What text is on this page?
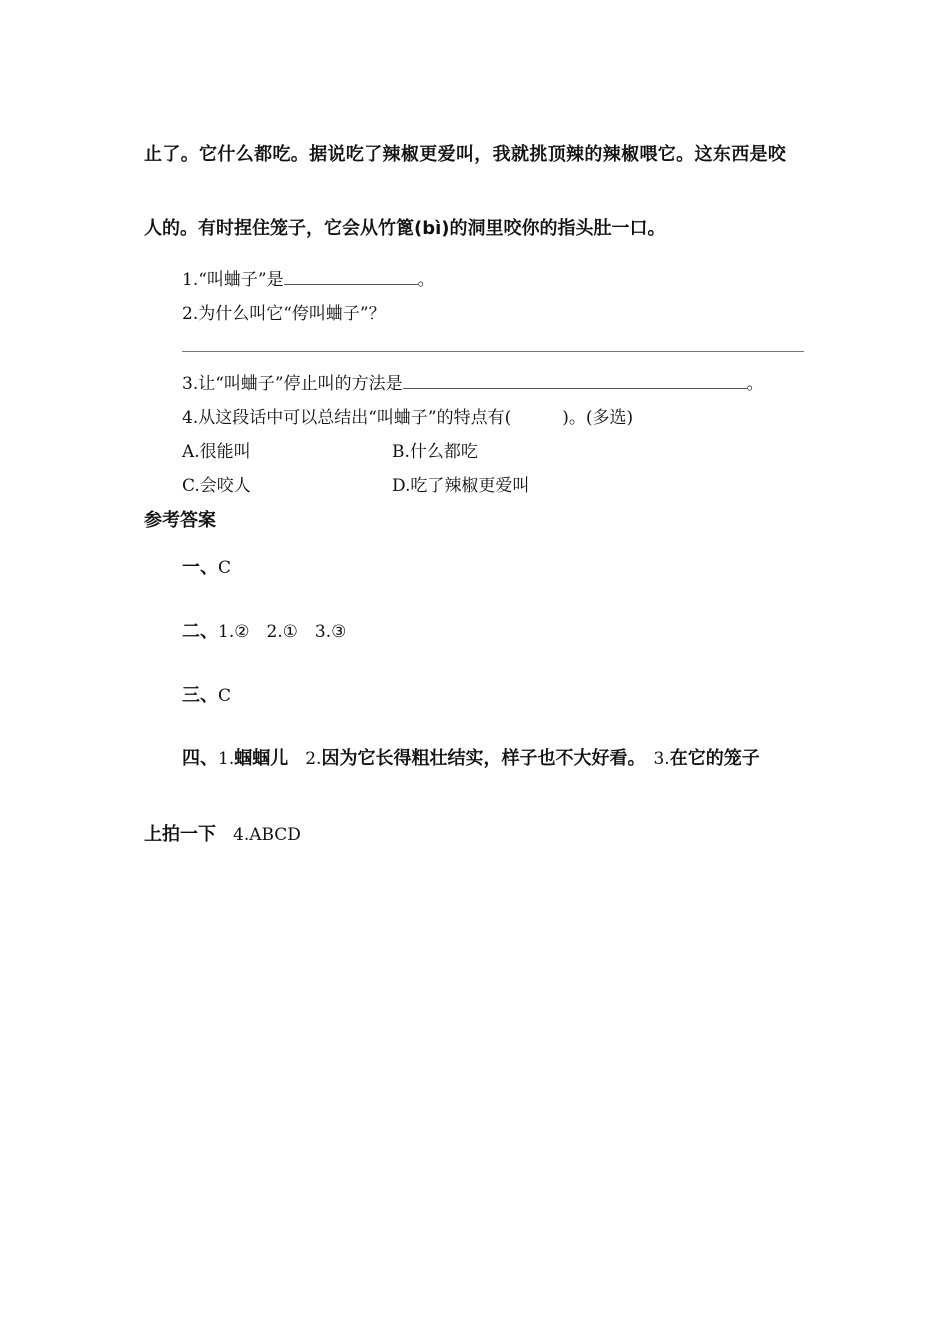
止了。它什么都吃。据说吃了辣椒更爱叫，我就挑顶辣的辣椒喂它。这东西是咬
人的。有时捏住笼子，它会从竹篦(bì)的洞里咬你的指头肚一口。
1.“叫蛐子”是	。
2.为什么叫它“侉叫蛐子”？
3.让“叫蛐子”停止叫的方法是	。
4.从这段话中可以总结出“叫蛐子”的特点有(　　　)。(多选)
A.很能叫	B.什么都吃
C.会咬人	D.吃了辣椒更爱叫
参考答案
一、C
二、1.②　2.①　3.③
三、C
四、1.蝈蝈儿　2.因为它长得粗壮结实，样子也不大好看。　3.在它的笼子
上拍一下　4.ABCD
